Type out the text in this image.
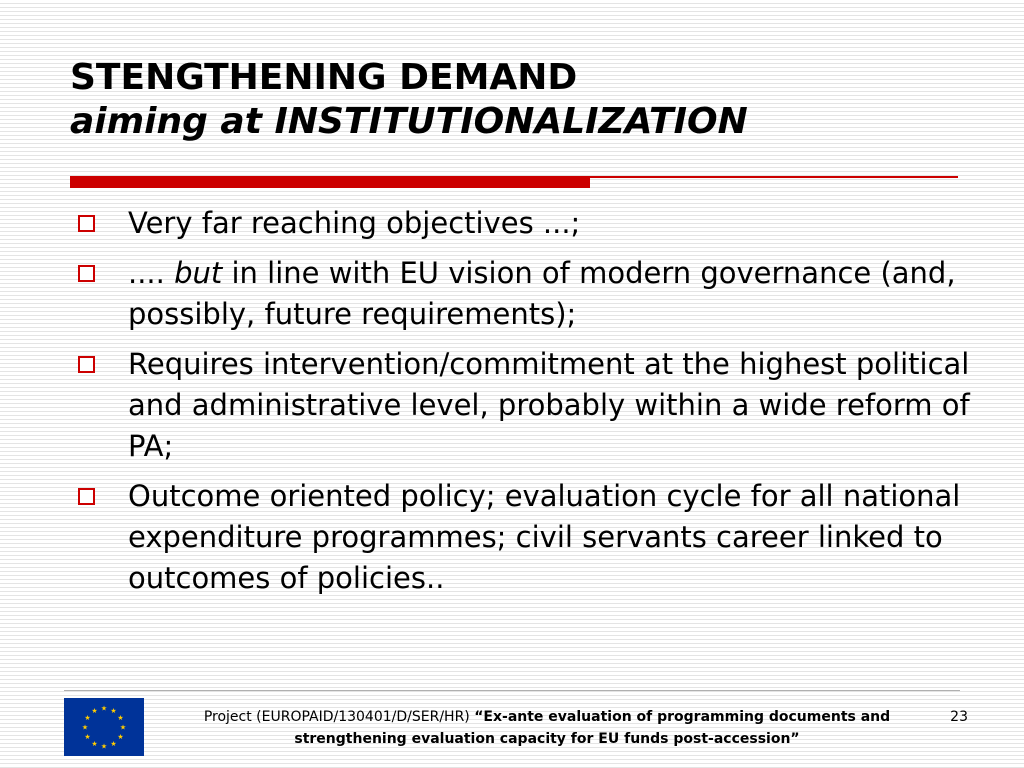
STENGTHENING DEMAND
aiming at INSTITUTIONALIZATION
Very far reaching objectives ...;
.... but in line with EU vision of modern governance (and, possibly, future requirements);
Requires intervention/commitment at the highest political and administrative level, probably within a wide reform of PA;
Outcome oriented policy; evaluation cycle for all national expenditure programmes; civil servants career linked to outcomes of policies..
★ ★
★
★
★
★
★
★
★
★
★
★	Project (EUROPAID/130401/D/SER/HR) “Ex-ante evaluation of programming documents and strengthening evaluation capacity for EU funds post-accession”
23
